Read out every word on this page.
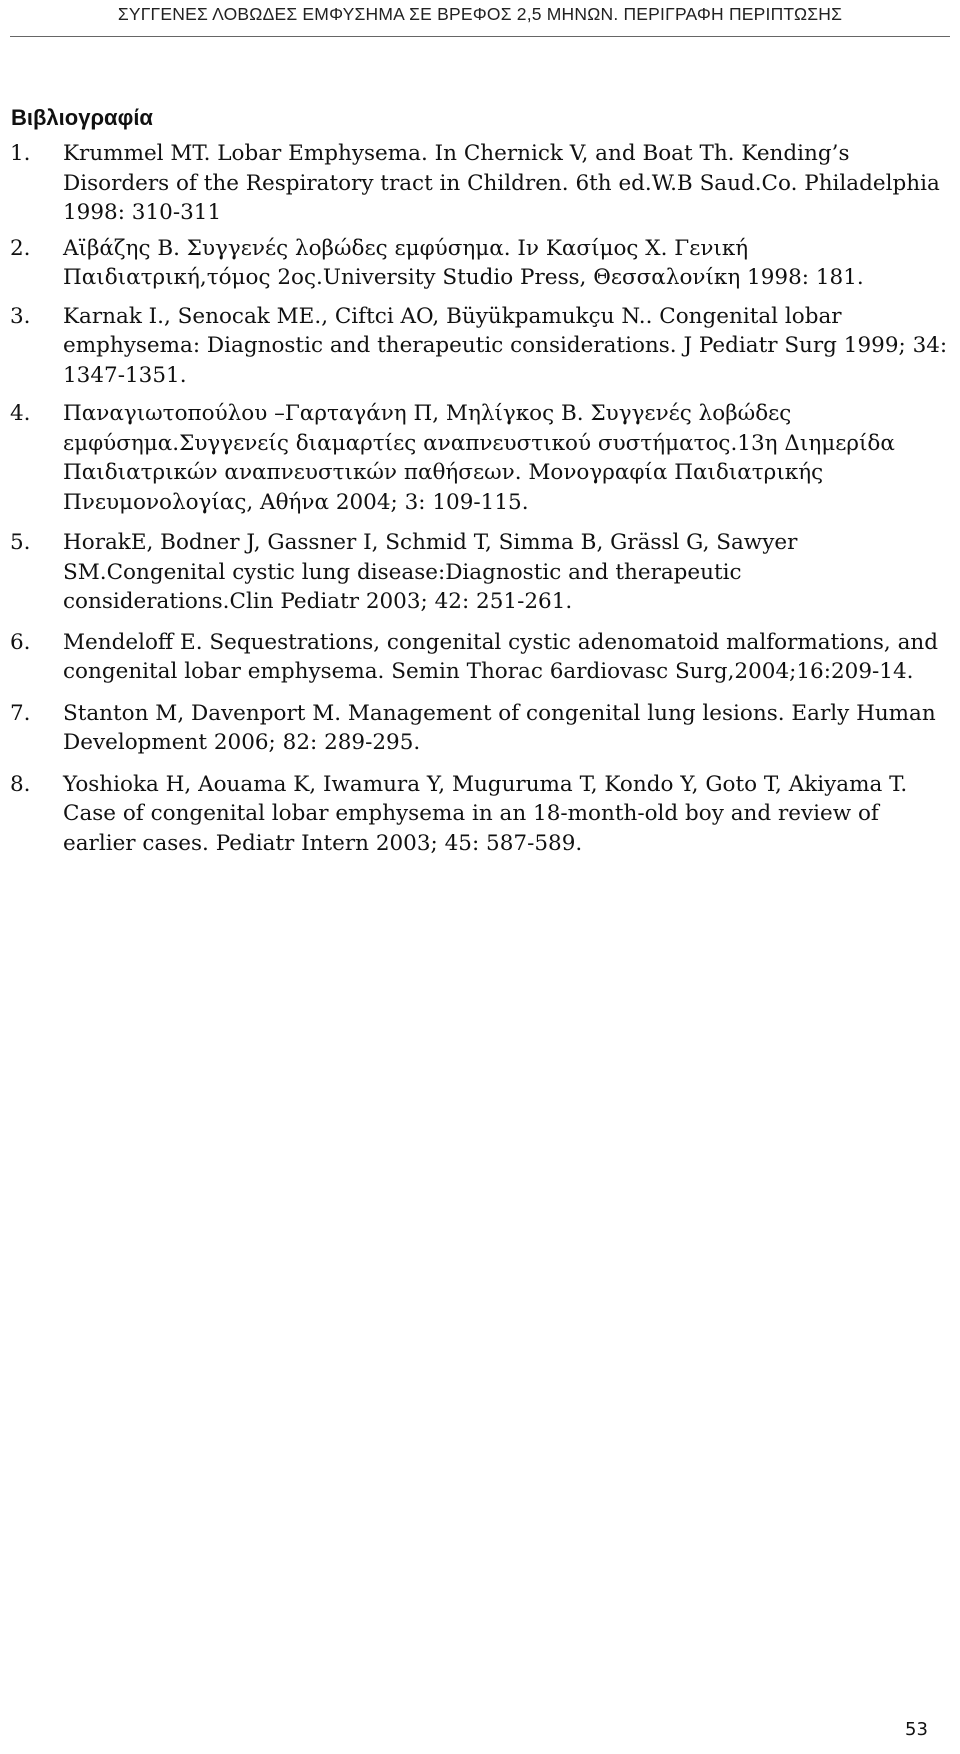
ΣΥΓΓΕΝΕΣ ΛΟΒΩΔΕΣ ΕΜΦΥΣΗΜΑ ΣΕ ΒΡΕΦΟΣ 2,5 ΜΗΝΩΝ. ΠΕΡΙΓΡΑΦΗ ΠΕΡΙΠΤΩΣΗΣ
Βιβλιογραφία
1.	Krummel MT. Lobar Emphysema. In Chernick V, and Boat Th. Kending’s Disorders of the Respiratory tract in Children. 6th ed.W.B Saud.Co. Philadelphia 1998: 310-311
2.	Αϊβάζης Β. Συγγενές λοβώδες εμφύσημα. Ιν Κασίμος Χ. Γενική Παιδιατρική,τόμος 2ος.University Studio Press, Θεσσαλονίκη 1998: 181.
3.	Karnak I., Senocak ME., Ciftci AO, Büyükpamukçu N.. Congenital lobar emphysema: Diagnostic and therapeutic considerations. J Pediatr Surg 1999; 34: 1347-1351.
4.	Παναγιωτοπούλου –Γαρταγάνη Π, Μηλίγκος Β. Συγγενές λοβώδες εμφύσημα.Συγγενείς διαμαρτίες αναπνευστικού συστήματος.13η Διημερίδα Παιδιατρικών αναπνευστικών παθήσεων. Μονογραφία Παιδιατρικής Πνευμονολογίας, Αθήνα 2004; 3: 109-115.
5.	HorakE, Bodner J, Gassner I, Schmid T, Simma B, Grässl G, Sawyer SM.Congenital cystic lung disease:Diagnostic and therapeutic considerations.Clin Pediatr 2003; 42: 251-261.
6.	Mendeloff E. Sequestrations, congenital cystic adenomatoid malformations, and congenital lobar emphysema. Semin Thorac 6ardiovasc Surg,2004;16:209-14.
7.	Stanton M, Davenport M. Management of congenital lung lesions. Early Human Development 2006; 82: 289-295.
8.	Yoshioka H, Aouama K, Iwamura Y, Muguruma T, Kondo Y, Goto T, Akiyama T. Case of congenital lobar emphysema in an 18-month-old boy and review of earlier cases. Pediatr Intern 2003; 45: 587-589.
53
